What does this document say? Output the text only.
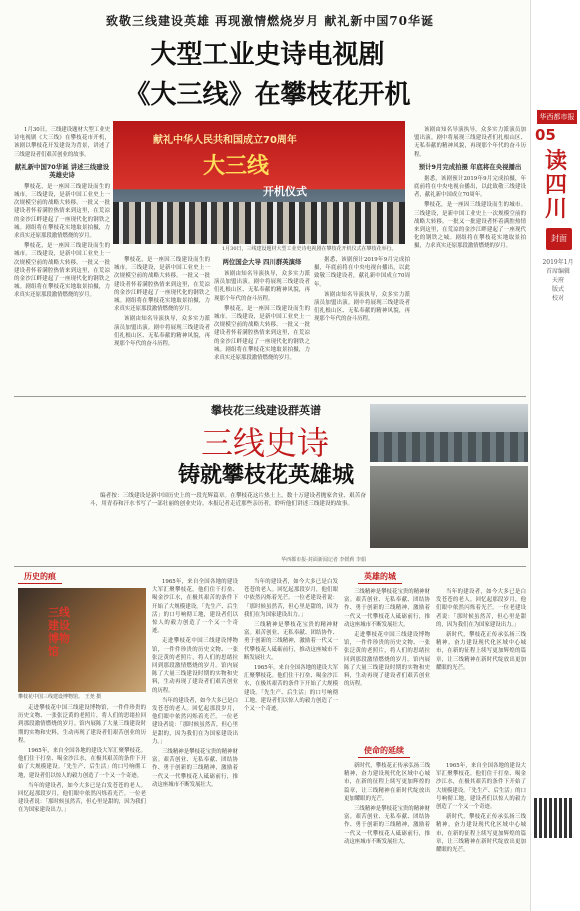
致敬三线建设英雄 再现激情燃烧岁月 献礼新中国70华诞
大型工业史诗电视剧
《大三线》在攀枝花开机

1月30日，三线建设题材大型工业史诗电视剧《大三线》在攀枝花市开机，该剧以攀枝花开发建设为背景，讲述了三线建设者们艰苦创业的故事。

献礼新中国70华诞 讲述三线建设英雄史诗

攀枝花，是一座因三线建设而生的城市。三线建设，是新中国工业史上一次规模空前的战略大转移。一批又一批建设者怀着满腔热情来到这里，在荒凉的金沙江畔建起了一座现代化的钢铁之城。剧组将在攀枝花实地取景拍摄，力求真实还原那段激情燃烧的岁月。

攀枝花，是一座因三线建设而生的城市。三线建设，是新中国工业史上一次规模空前的战略大转移。一批又一批建设者怀着满腔热情来到这里，在荒凉的金沙江畔建起了一座现代化的钢铁之城。剧组将在攀枝花实地取景拍摄，力求真实还原那段激情燃烧的岁月。

献礼中华人民共和国成立70周年
大三线
开机仪式
1月30日，三线建设题材大型工业史诗电视剧在攀枝花开机仪式在攀枝花举行。

攀枝花，是一座因三线建设而生的城市。三线建设，是新中国工业史上一次规模空前的战略大转移。一批又一批建设者怀着满腔热情来到这里，在荒凉的金沙江畔建起了一座现代化的钢铁之城。剧组将在攀枝花实地取景拍摄，力求真实还原那段激情燃烧的岁月。

该剧由知名导演执导，众多实力派演员加盟出演。剧中将展现三线建设者们扎根山区、无私奉献的精神风貌，再现那个年代的奋斗历程。

两位国企大导 四川群英演绎

该剧由知名导演执导，众多实力派演员加盟出演。剧中将展现三线建设者们扎根山区、无私奉献的精神风貌，再现那个年代的奋斗历程。

攀枝花，是一座因三线建设而生的城市。三线建设，是新中国工业史上一次规模空前的战略大转移。一批又一批建设者怀着满腔热情来到这里，在荒凉的金沙江畔建起了一座现代化的钢铁之城。剧组将在攀枝花实地取景拍摄，力求真实还原那段激情燃烧的岁月。

据悉，该剧预计2019年9月完成拍摄，年底前将在中央电视台播出，以此致敬三线建设者，献礼新中国成立70周年。

该剧由知名导演执导，众多实力派演员加盟出演。剧中将展现三线建设者们扎根山区、无私奉献的精神风貌，再现那个年代的奋斗历程。

该剧由知名导演执导，众多实力派演员加盟出演。剧中将展现三线建设者们扎根山区、无私奉献的精神风貌，再现那个年代的奋斗历程。

预计9月完成拍摄 年底将在央视播出

据悉，该剧预计2019年9月完成拍摄，年底前将在中央电视台播出，以此致敬三线建设者，献礼新中国成立70周年。

攀枝花，是一座因三线建设而生的城市。三线建设，是新中国工业史上一次规模空前的战略大转移。一批又一批建设者怀着满腔热情来到这里，在荒凉的金沙江畔建起了一座现代化的钢铁之城。剧组将在攀枝花实地取景拍摄，力求真实还原那段激情燃烧的岁月。

攀枝花三线建设群英谱
三线史诗
铸就攀枝花英雄城

编者按：三线建设是新中国历史上的一段光辉篇章。在攀枝花这片热土上，数十万建设者抛家舍业、艰苦奋斗，用青春和汗水书写了一部壮丽的创业史诗。本报记者走近那些亲历者，聆听他们讲述三线建设的故事。

华西都市报-封面新闻记者 李媛莉 李娟
历史的痕
三线建设博物馆
攀枝花中国三线建设博物馆。 王尧 摄

走进攀枝花中国三线建设博物馆，一件件珍贵的历史文物、一张张泛黄的老照片，将人们的思绪拉回到那段激情燃烧的岁月。馆内展陈了大量三线建设时期的实物和史料，生动再现了建设者们艰苦创业的历程。

1965年，来自全国各地的建设大军汇聚攀枝花。他们住干打垒、喝金沙江水，在极其艰苦的条件下开始了大规模建设。「先生产、后生活」的口号响彻工地，建设者们以惊人的毅力创造了一个又一个奇迹。

当年的建设者，如今大多已是白发苍苍的老人。回忆起那段岁月，他们眼中依然闪烁着光芒。一位老建设者说：「那时候虽然苦，但心里是甜的，因为我们在为国家建设出力。」

1965年，来自全国各地的建设大军汇聚攀枝花。他们住干打垒、喝金沙江水，在极其艰苦的条件下开始了大规模建设。「先生产、后生活」的口号响彻工地，建设者们以惊人的毅力创造了一个又一个奇迹。

走进攀枝花中国三线建设博物馆，一件件珍贵的历史文物、一张张泛黄的老照片，将人们的思绪拉回到那段激情燃烧的岁月。馆内展陈了大量三线建设时期的实物和史料，生动再现了建设者们艰苦创业的历程。

当年的建设者，如今大多已是白发苍苍的老人。回忆起那段岁月，他们眼中依然闪烁着光芒。一位老建设者说：「那时候虽然苦，但心里是甜的，因为我们在为国家建设出力。」

三线精神是攀枝花宝贵的精神财富。艰苦创业、无私奉献、团结协作、勇于创新的三线精神，激励着一代又一代攀枝花人砥砺前行，推动这座城市不断发展壮大。

当年的建设者，如今大多已是白发苍苍的老人。回忆起那段岁月，他们眼中依然闪烁着光芒。一位老建设者说：「那时候虽然苦，但心里是甜的，因为我们在为国家建设出力。」

三线精神是攀枝花宝贵的精神财富。艰苦创业、无私奉献、团结协作、勇于创新的三线精神，激励着一代又一代攀枝花人砥砺前行，推动这座城市不断发展壮大。

1965年，来自全国各地的建设大军汇聚攀枝花。他们住干打垒、喝金沙江水，在极其艰苦的条件下开始了大规模建设。「先生产、后生活」的口号响彻工地，建设者们以惊人的毅力创造了一个又一个奇迹。

英雄的城

三线精神是攀枝花宝贵的精神财富。艰苦创业、无私奉献、团结协作、勇于创新的三线精神，激励着一代又一代攀枝花人砥砺前行，推动这座城市不断发展壮大。

走进攀枝花中国三线建设博物馆，一件件珍贵的历史文物、一张张泛黄的老照片，将人们的思绪拉回到那段激情燃烧的岁月。馆内展陈了大量三线建设时期的实物和史料，生动再现了建设者们艰苦创业的历程。

当年的建设者，如今大多已是白发苍苍的老人。回忆起那段岁月，他们眼中依然闪烁着光芒。一位老建设者说：「那时候虽然苦，但心里是甜的，因为我们在为国家建设出力。」

新时代，攀枝花正传承弘扬三线精神，奋力建设现代化区域中心城市，在新的征程上续写更加辉煌的篇章，让三线精神在新时代绽放出更加耀眼的光芒。

使命的延续

新时代，攀枝花正传承弘扬三线精神，奋力建设现代化区域中心城市，在新的征程上续写更加辉煌的篇章，让三线精神在新时代绽放出更加耀眼的光芒。

三线精神是攀枝花宝贵的精神财富。艰苦创业、无私奉献、团结协作、勇于创新的三线精神，激励着一代又一代攀枝花人砥砺前行，推动这座城市不断发展壮大。

1965年，来自全国各地的建设大军汇聚攀枝花。他们住干打垒、喝金沙江水，在极其艰苦的条件下开始了大规模建设。「先生产、后生活」的口号响彻工地，建设者们以惊人的毅力创造了一个又一个奇迹。

新时代，攀枝花正传承弘扬三线精神，奋力建设现代化区域中心城市，在新的征程上续写更加辉煌的篇章，让三线精神在新时代绽放出更加耀眼的光芒。

华西都市报
05
读四川
封面
2019年1月
首席编辑
天府
版式
校对
